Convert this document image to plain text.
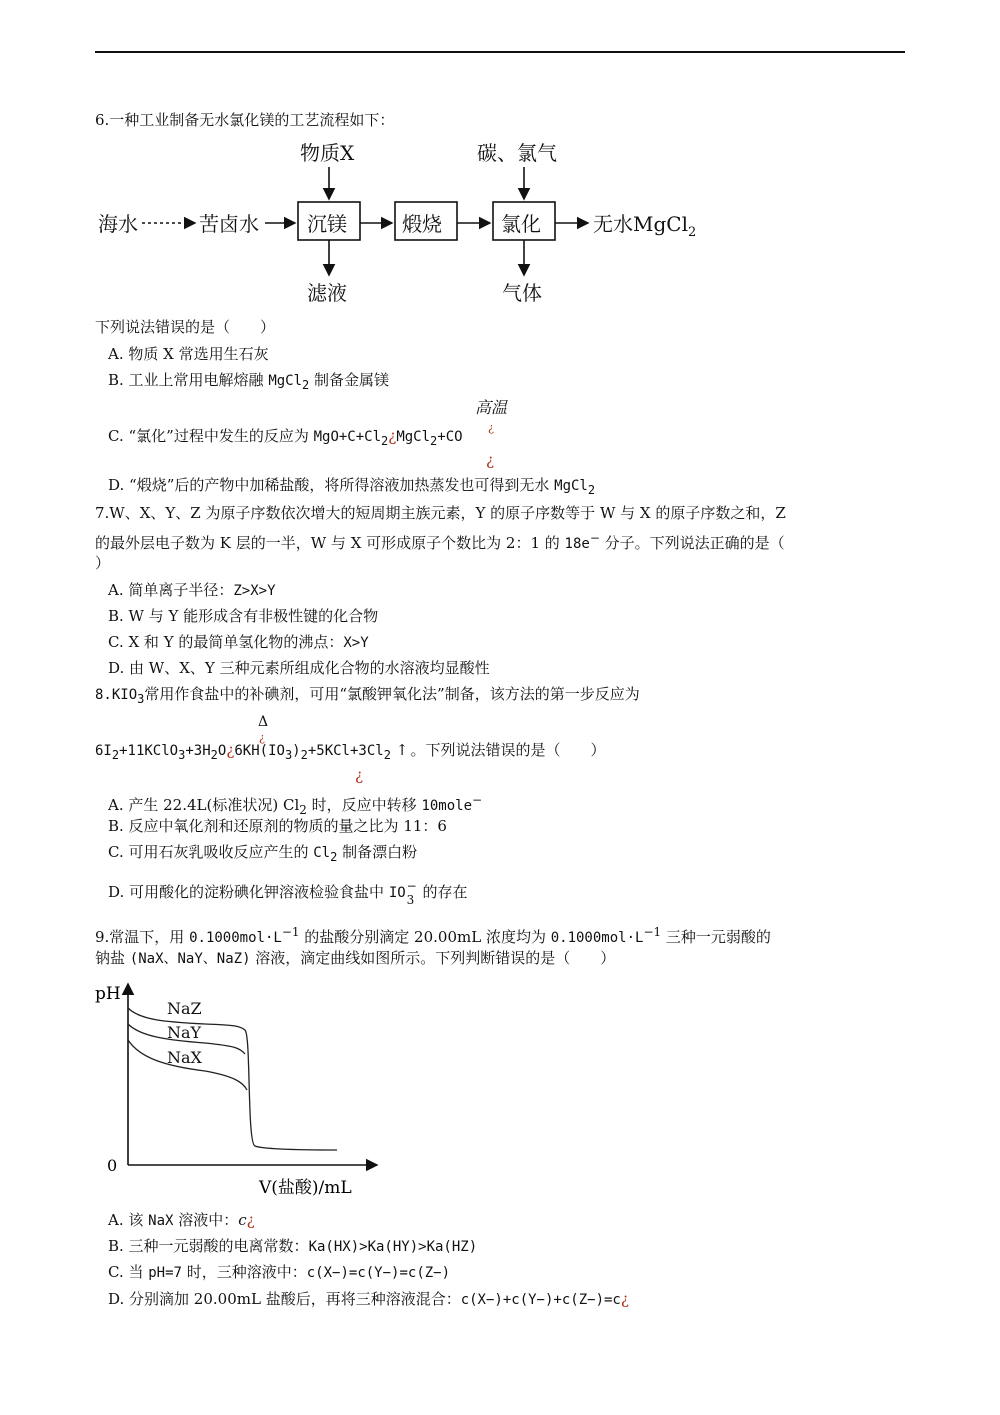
6.一种工业制备无水氯化镁的工艺流程如下：
物质X	碳、氯气
海水	苦卤水 沉镁	煅烧	氯化	无水MgCl$_2$
滤液	气体
下列说法错误的是（　　）
A. 物质 X 常选用生石灰
B. 工业上常用电解熔融 MgCl$_2$ 制备金属镁
高温
C. “氯化”过程中发生的反应为 $MgO+C+Cl_2¿MgCl_2+CO$
¿
¿
D. “煅烧”后的产物中加稀盐酸，将所得溶液加热蒸发也可得到无水 MgCl$_2$
7.W、X、Y、Z 为原子序数依次增大的短周期主族元素，Y 的原子序数等于 W 与 X 的原子序数之和，Z
的最外层电子数为 K 层的一半，W 与 X 可形成原子个数比为 2：1 的 18e− 分子。下列说法正确的是（
）
A. 简单离子半径：Z>X>Y
B. W 与 Y 能形成含有非极性键的化合物
C. X 和 Y 的最简单氢化物的沸点：X>Y
D. 由 W、X、Y 三种元素所组成化合物的水溶液均显酸性
$8.KIO_3$常用作食盐中的补碘剂，可用“氯酸钾氧化法”制备，该方法的第一步反应为
Δ
¿
$6I_2+11KClO_3+3H_2O¿6KH(IO_3)_2+5KCl+3Cl_2$ ↑ 。下列说法错误的是（　　）
¿
A. 产生 22.4L(标准状况) $Cl_2$ 时，反应中转移 10mole−
B. 反应中氧化剂和还原剂的物质的量之比为 11：6
C. 可用石灰乳吸收反应产生的 $Cl_2$ 制备漂白粉
D. 可用酸化的淀粉碘化钾溶液检验食盐中 IO −
3 的存在
9.常温下，用 $0.1000mol\cdot L^{-1}$ 的盐酸分别滴定 20.00mL 浓度均为 $0.1000mol\cdot L^{-1}$ 三种一元弱酸的
钠盐 (NaX、NaY、NaZ) 溶液，滴定曲线如图所示。下列判断错误的是（　　）
pH
0
V(盐酸)/mL
NaZ
NaY
NaX
A. 该 NaX 溶液中：c¿
B. 三种一元弱酸的电离常数：Ka(HX)>Ka(HY)>Ka(HZ)
C. 当 pH=7 时，三种溶液中：c(X−)=c(Y−)=c(Z−)
D. 分别滴加 20.00mL 盐酸后，再将三种溶液混合：c(X−)+c(Y−)+c(Z−)=c¿
